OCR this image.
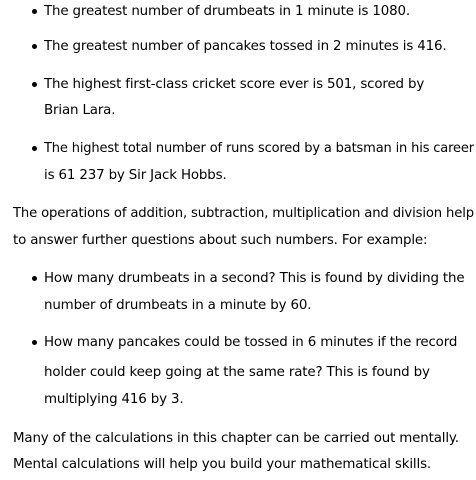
The greatest number of drumbeats in 1 minute is 1080.
The greatest number of pancakes tossed in 2 minutes is 416.
The highest first-class cricket score ever is 501, scored by
Brian Lara.
The highest total number of runs scored by a batsman in his career
is 61 237 by Sir Jack Hobbs.
The operations of addition, subtraction, multiplication and division help
to answer further questions about such numbers. For example:
How many drumbeats in a second? This is found by dividing the
number of drumbeats in a minute by 60.
How many pancakes could be tossed in 6 minutes if the record
holder could keep going at the same rate? This is found by
multiplying 416 by 3.
Many of the calculations in this chapter can be carried out mentally.
Mental calculations will help you build your mathematical skills.
